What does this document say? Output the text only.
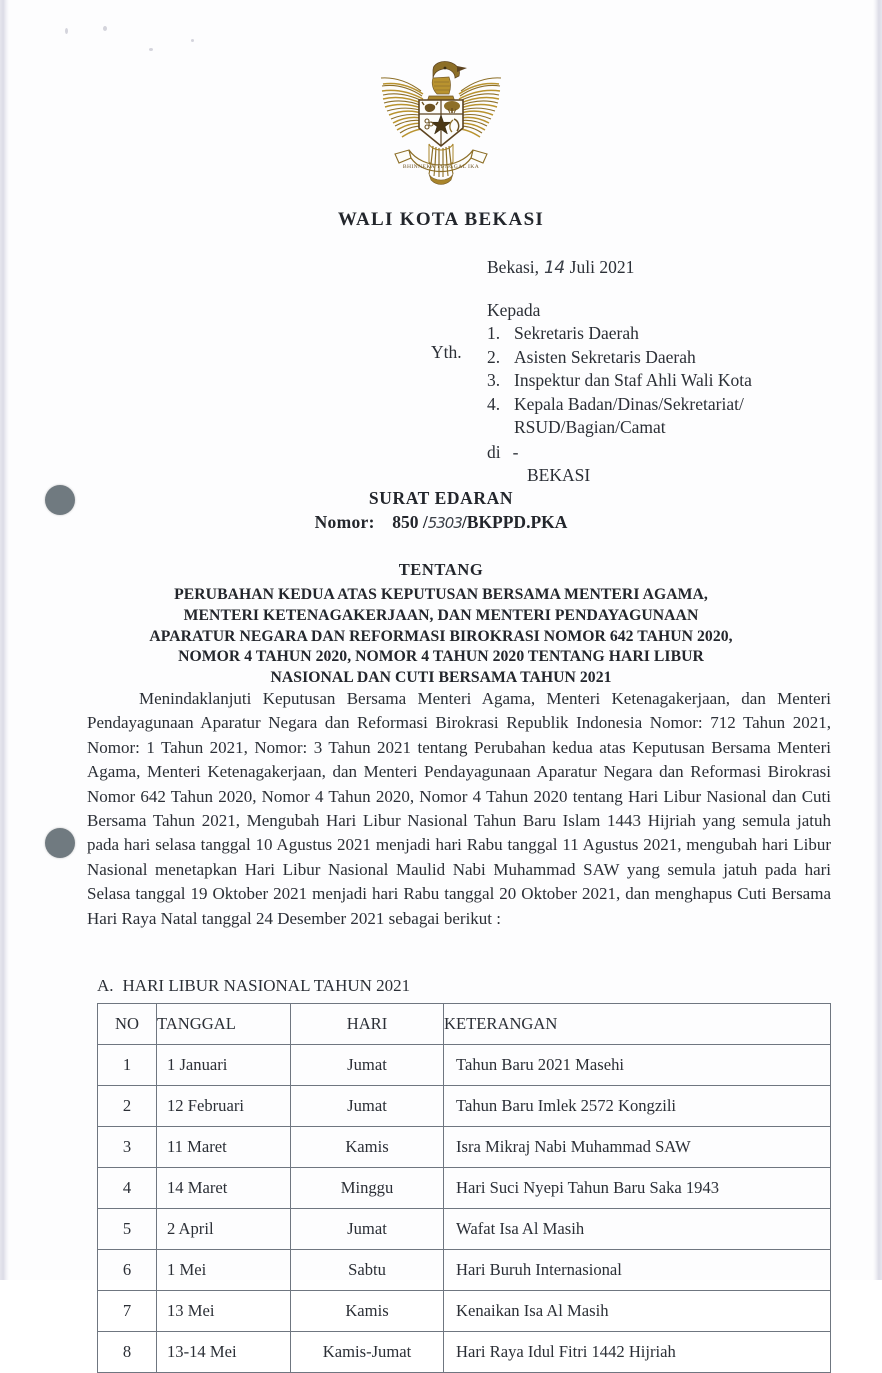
BHINNEKA TUNGGAL IKA
WALI KOTA BEKASI
Bekasi, 14 Juli 2021
Kepada
Yth.
1. Sekretaris Daerah
2. Asisten Sekretaris Daerah
3. Inspektur dan Staf Ahli Wali Kota
4. Kepala Badan/Dinas/Sekretariat/
RSUD/Bagian/Camat
di -
BEKASI
SURAT EDARAN
Nomor: 850 /5303/BKPPD.PKA
TENTANG
PERUBAHAN KEDUA ATAS KEPUTUSAN BERSAMA MENTERI AGAMA,
MENTERI KETENAGAKERJAAN, DAN MENTERI PENDAYAGUNAAN
APARATUR NEGARA DAN REFORMASI BIROKRASI NOMOR 642 TAHUN 2020,
NOMOR 4 TAHUN 2020, NOMOR 4 TAHUN 2020 TENTANG HARI LIBUR
NASIONAL DAN CUTI BERSAMA TAHUN 2021
Menindaklanjuti Keputusan Bersama Menteri Agama, Menteri Ketenagakerjaan, dan Menteri Pendayagunaan Aparatur Negara dan Reformasi Birokrasi Republik Indonesia Nomor: 712 Tahun 2021, Nomor: 1 Tahun 2021, Nomor: 3 Tahun 2021 tentang Perubahan kedua atas Keputusan Bersama Menteri Agama, Menteri Ketenagakerjaan, dan Menteri Pendayagunaan Aparatur Negara dan Reformasi Birokrasi Nomor 642 Tahun 2020, Nomor 4 Tahun 2020, Nomor 4 Tahun 2020 tentang Hari Libur Nasional dan Cuti Bersama Tahun 2021, Mengubah Hari Libur Nasional Tahun Baru Islam 1443 Hijriah yang semula jatuh pada hari selasa tanggal 10 Agustus 2021 menjadi hari Rabu tanggal 11 Agustus 2021, mengubah hari Libur Nasional menetapkan Hari Libur Nasional Maulid Nabi Muhammad SAW yang semula jatuh pada hari Selasa tanggal 19 Oktober 2021 menjadi hari Rabu tanggal 20 Oktober 2021, dan menghapus Cuti Bersama Hari Raya Natal tanggal 24 Desember 2021 sebagai berikut :
A. HARI LIBUR NASIONAL TAHUN 2021
NO	TANGGAL	HARI	KETERANGAN
1	1 Januari	Jumat	Tahun Baru 2021 Masehi
2	12 Februari	Jumat	Tahun Baru Imlek 2572 Kongzili
3	11 Maret	Kamis	Isra Mikraj Nabi Muhammad SAW
4	14 Maret	Minggu	Hari Suci Nyepi Tahun Baru Saka 1943
5	2 April	Jumat	Wafat Isa Al Masih
6	1 Mei	Sabtu	Hari Buruh Internasional
7	13 Mei	Kamis	Kenaikan Isa Al Masih
8	13-14 Mei	Kamis-Jumat	Hari Raya Idul Fitri 1442 Hijriah
